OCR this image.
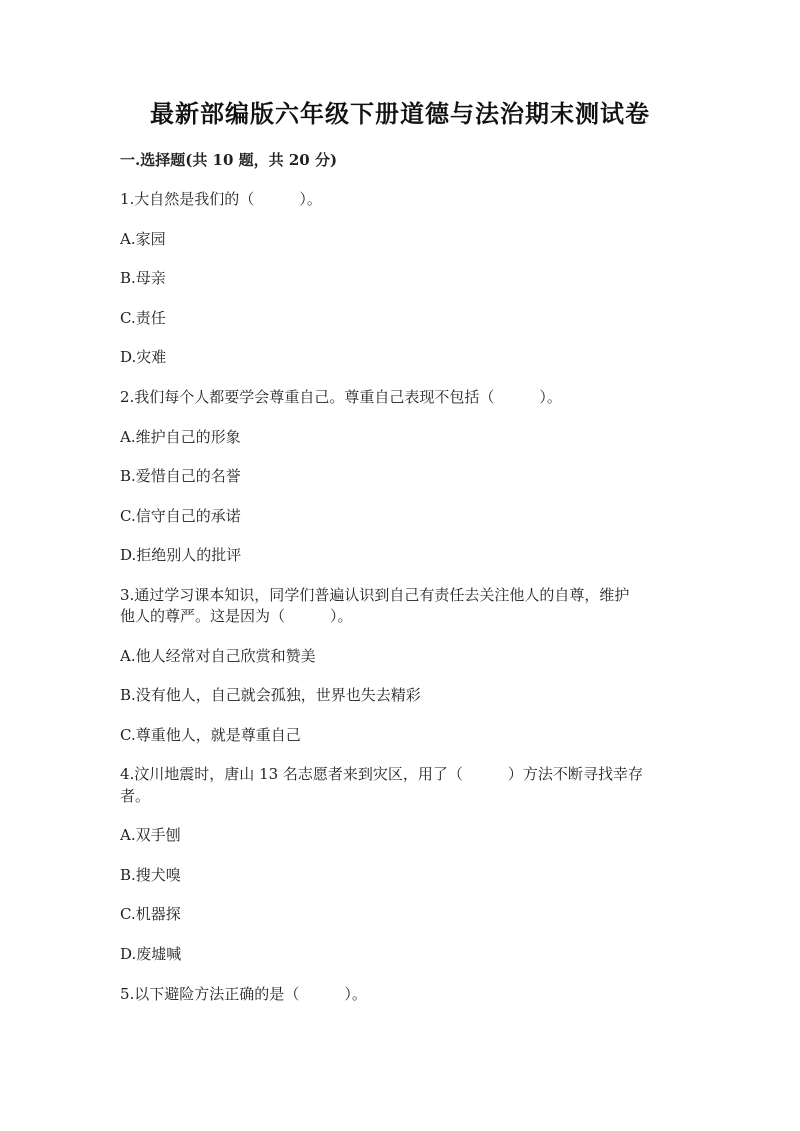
最新部编版六年级下册道德与法治期末测试卷
一.选择题(共 10 题，共 20 分)
1.大自然是我们的（　　　）。
A.家园
B.母亲
C.责任
D.灾难
2.我们每个人都要学会尊重自己。尊重自己表现不包括（　　　）。
A.维护自己的形象
B.爱惜自己的名誉
C.信守自己的承诺
D.拒绝别人的批评
3.通过学习课本知识，同学们普遍认识到自己有责任去关注他人的自尊，维护
他人的尊严。这是因为（　　　）。
A.他人经常对自己欣赏和赞美
B.没有他人，自己就会孤独，世界也失去精彩
C.尊重他人，就是尊重自己
4.汶川地震时，唐山 13 名志愿者来到灾区，用了（　　　）方法不断寻找幸存
者。
A.双手刨
B.搜犬嗅
C.机器探
D.废墟喊
5.以下避险方法正确的是（　　　）。
